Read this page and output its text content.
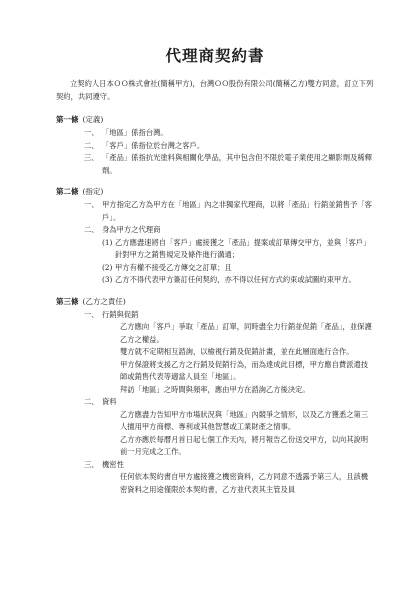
代理商契約書
立契約人日本ＯＯ株式會社(簡稱甲方)，台灣ＯＯ股份有限公司(簡稱乙方)雙方同意，訂立下列契約，共同遵守。
第一條 (定義)
一、 「地區」係指台灣。
二、 「客戶」係指位於台灣之客戶。
三、 「產品」係指抗光塗料與相關化學品，其中包含但不限於電子業使用之顯影劑及稀釋劑。
第二條 (指定)
一、 甲方指定乙方為甲方在「地區」內之非獨家代理商，以將「產品」行銷並銷售予「客戶」。
二、 身為甲方之代理商
(1) 乙方應盡速將自「客戶」處接獲之「產品」提案或訂單傳交甲方，並與「客戶」針對甲方之銷售規定及條件進行溝通；
(2) 甲方有權不接受乙方傳交之訂單；且
(3) 乙方不得代表甲方簽訂任何契約，亦不得以任何方式約束或試圖約束甲方。
第三條 (乙方之責任)
一、 行銷與促銷
乙方應向「客戶」爭取「產品」訂單，同時盡全力行銷並促銷「產品」，並保護乙方之權益。
雙方就不定期相互諮詢，以檢視行銷及促銷計畫，並在此層面進行合作。
甲方保證將支援乙方之行銷及促銷行為，而為達成此目標，甲方應自費派遣技師或銷售代表等適當人員至「地區」。
拜訪「地區」之時間與頻率，應由甲方在諮詢乙方後決定。
二、 資料
乙方應盡力告知甲方市場狀況與「地區」內競爭之情形，以及乙方獲悉之第三人擅用甲方商標、專利或其他智慧或工業財產之情事。
乙方亦應於每曆月首日起七個工作天內，將月報告乙份送交甲方，以向其說明前一月完成之工作。
三、 機密性
任何依本契約書自甲方處接獲之機密資料，乙方同意不透露予第三人，且該機密資料之用途僅限於本契約書，乙方並代表其主管及員
